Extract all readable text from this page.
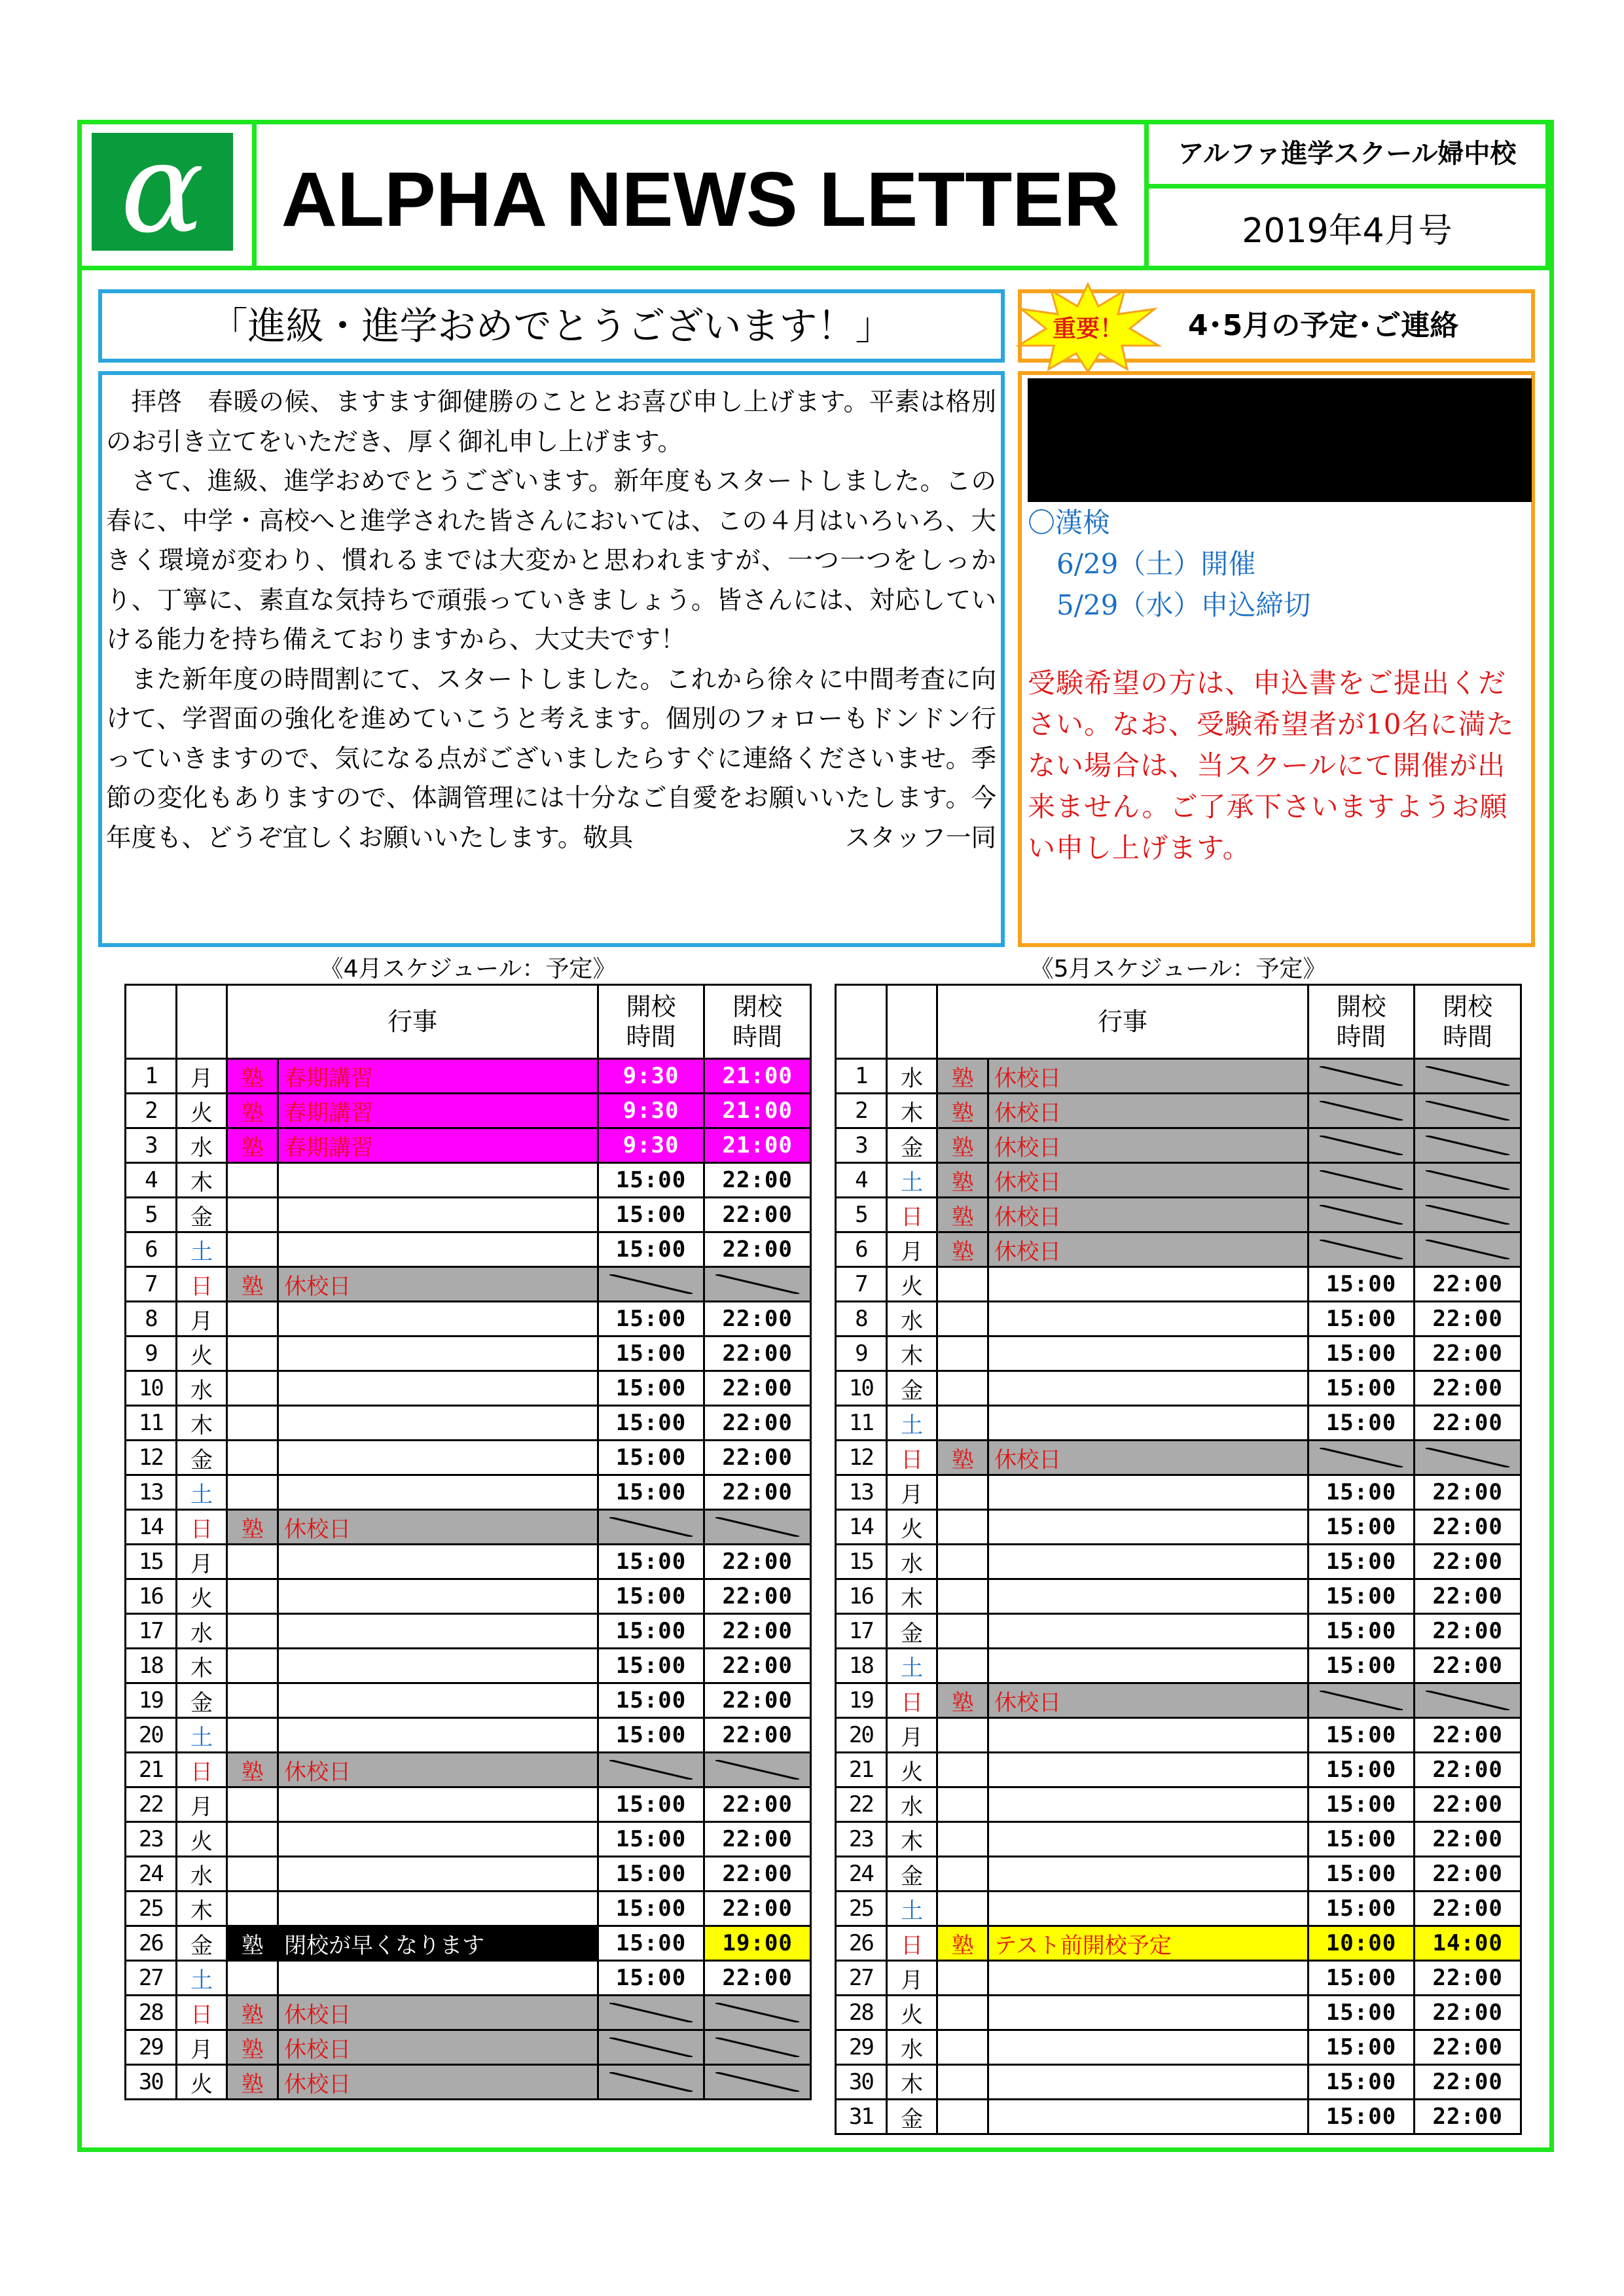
α ALPHA NEWS LETTER
アルファ進学スクール婦中校
2019年4月号
「進級・進学おめでとうございます！」

拝啓　春暖の候、ますます御健勝のこととお喜び申し上げます。平素は格別のお引き立てをいただき、厚く御礼申し上げます。

さて、進級、進学おめでとうございます。新年度もスタートしました。この春に、中学・高校へと進学された皆さんにおいては、この４月はいろいろ、大きく環境が変わり、慣れるまでは大変かと思われますが、一つ一つをしっかり、丁寧に、素直な気持ちで頑張っていきましょう。皆さんには、対応していける能力を持ち備えておりますから、大丈夫です！

また新年度の時間割にて、スタートしました。これから徐々に中間考査に向けて、学習面の強化を進めていこうと考えます。個別のフォローもドンドン行っていきますので、気になる点がございましたらすぐに連絡くださいませ。季節の変化もありますので、体調管理には十分なご自愛をお願いいたします。今年度も、どうぞ宜しくお願いいたします。敬具	スタッフ一同

重要！ 4･5月の予定･ご連絡
〇英検
6/1（土）開催
5/9（木）申込締切
〇漢検
6/29（土）開催
5/29（水）申込締切
受験希望の方は、申込書をご提出ください。なお、受験希望者が10名に満たない場合は、当スクールにて開催が出来ません。ご了承下さいますようお願い申し上げます。
《4月スケジュール：予定》	《5月スケジュール：予定》
		行事		開校
時間	閉校
時間
1	月	塾	春期講習	9:30	21:00
2	火	塾	春期講習	9:30	21:00
3	水	塾	春期講習	9:30	21:00
4	木			15:00	22:00
5	金			15:00	22:00
6	土			15:00	22:00
7	日	塾	休校日		
8	月			15:00	22:00
9	火			15:00	22:00
10	水			15:00	22:00
11	木			15:00	22:00
12	金			15:00	22:00
13	土			15:00	22:00
14	日	塾	休校日		
15	月			15:00	22:00
16	火			15:00	22:00
17	水			15:00	22:00
18	木			15:00	22:00
19	金			15:00	22:00
20	土			15:00	22:00
21	日	塾	休校日		
22	月			15:00	22:00
23	火			15:00	22:00
24	水			15:00	22:00
25	木			15:00	22:00
26	金	塾	閉校が早くなります	15:00	19:00
27	土			15:00	22:00
28	日	塾	休校日		
29	月	塾	休校日		
30	火	塾	休校日		
		行事		開校
時間	閉校
時間
1	水	塾	休校日		
2	木	塾	休校日		
3	金	塾	休校日		
4	土	塾	休校日		
5	日	塾	休校日		
6	月	塾	休校日		
7	火			15:00	22:00
8	水			15:00	22:00
9	木			15:00	22:00
10	金			15:00	22:00
11	土			15:00	22:00
12	日	塾	休校日		
13	月			15:00	22:00
14	火			15:00	22:00
15	水			15:00	22:00
16	木			15:00	22:00
17	金			15:00	22:00
18	土			15:00	22:00
19	日	塾	休校日		
20	月			15:00	22:00
21	火			15:00	22:00
22	水			15:00	22:00
23	木			15:00	22:00
24	金			15:00	22:00
25	土			15:00	22:00
26	日	塾	テスト前開校予定	10:00	14:00
27	月			15:00	22:00
28	火			15:00	22:00
29	水			15:00	22:00
30	木			15:00	22:00
31	金			15:00	22:00
